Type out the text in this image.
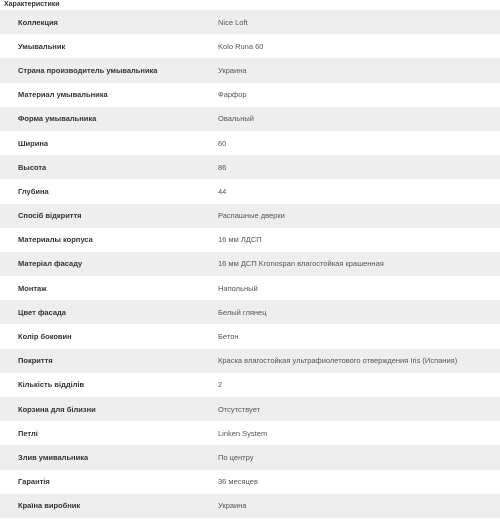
Характеристики
Коллекция	Nice Loft
Умывальник	Kolo Runa 60
Страна производитель умывальника	Украина
Материал умывальника	Фарфор
Форма умывальника	Овальный
Ширина	60
Высота	86
Глубина	44
Спосіб відкриття	Распашные дверки
Материалы корпуса	16 мм ЛДСП
Матеріал фасаду	16 мм ДСП Kronospan влагостойкая крашенная
Монтаж	Напольный
Цвет фасада	Белый глянец
Колір боковин	Бетон
Покриття	Краска влагостойкая ультрафиолетового отверждения Iris (Испания)
Кількість відділів	2
Корзина для білизни	Отсутствует
Петлі	Linken System
Злив умивальника	По центру
Гарантія	36 месяцев
Країна виробник	Украина
